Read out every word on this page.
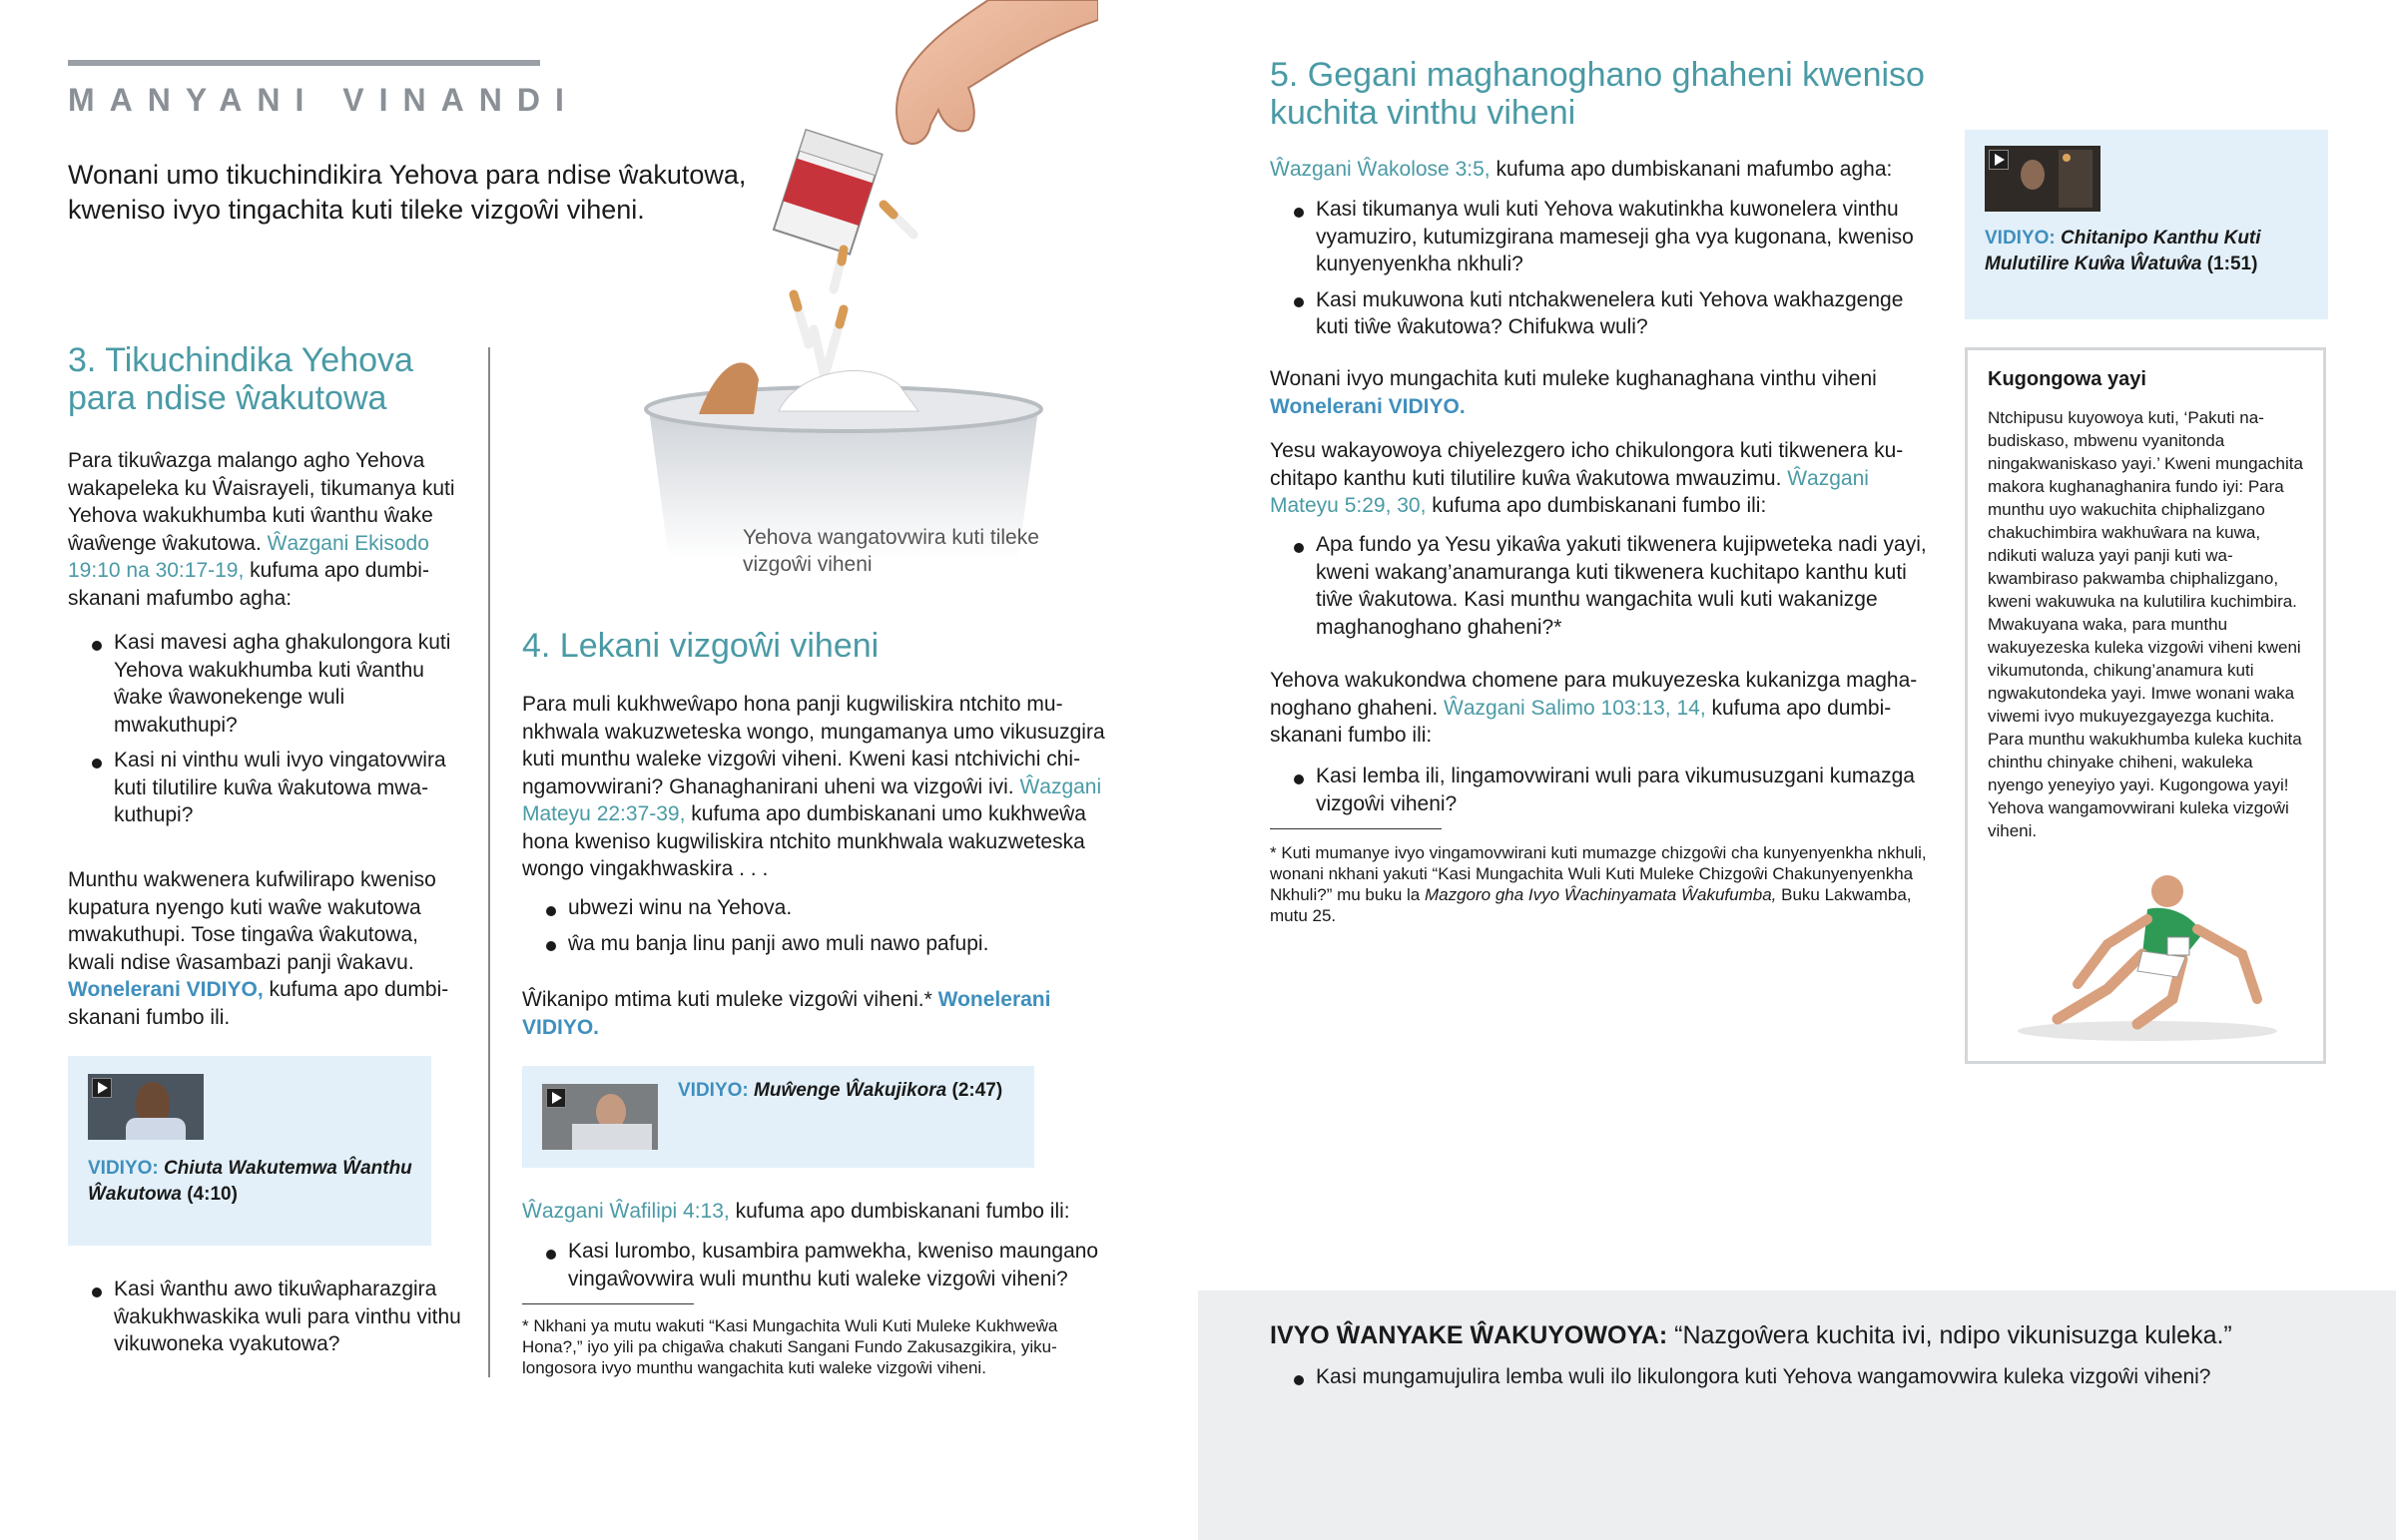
MANYANI VINANDI

Wonani umo tikuchindikira Yehova para ndise ŵakutowa, kweniso ivyo tingachita kuti tileke vizgoŵi viheni.

Yehova wangatovwira kuti tileke vizgoŵi viheni

3. Tikuchindika Yehova para ndise ŵakutowa

Para tikuŵazga malango agho Yehova wakapeleka ku Ŵaisrayeli, tikumanya kuti Yehova wakukhumba kuti ŵanthu ŵake ŵaŵenge ŵakutowa. Ŵazgani Ekisodo 19:10 na 30:17-19, kufuma apo dumbiskanani mafumbo agha:

Kasi mavesi agha ghakulongora kuti Yehova wakukhumba kuti ŵanthu ŵake ŵawonekenge wuli mwakuthupi?
Kasi ni vinthu wuli ivyo vingatovwira kuti tilutilire kuŵa ŵakutowa mwakuthupi?

Munthu wakwenera kufwilirapo kweniso kupatura nyengo kuti waŵe wakutowa mwakuthupi. Tose tingaŵa ŵakutowa, kwali ndise ŵasambazi panji ŵakavu. Wonelerani VIDIYO, kufuma apo dumbiskanani fumbo ili.

VIDIYO: Chiuta Wakutemwa Ŵanthu Ŵakutowa (4:10)
Kasi ŵanthu awo tikuŵapharazgira ŵakukhwaskika wuli para vinthu vithu vikuwoneka vyakutowa?
4. Lekani vizgoŵi viheni

Para muli kukhweŵapo hona panji kugwiliskira ntchito munkhwala wakuzweteska wongo, mungamanya umo vikusuzgira kuti munthu waleke vizgoŵi viheni. Kweni kasi ntchivichi chingamovwirani? Ghanaghanirani uheni wa vizgoŵi ivi. Ŵazgani Mateyu 22:37-39, kufuma apo dumbiskanani umo kukhweŵa hona kweniso kugwiliskira ntchito munkhwala wakuzweteska wongo vingakhwaskira . . .

ubwezi winu na Yehova.
ŵa mu banja linu panji awo muli nawo pafupi.

Ŵikanipo mtima kuti muleke vizgoŵi viheni.* Wonelerani VIDIYO.

VIDIYO: Muŵenge Ŵakujikora (2:47)

Ŵazgani Ŵafilipi 4:13, kufuma apo dumbiskanani fumbo ili:

Kasi lurombo, kusambira pamwekha, kweniso maungano vingaŵovwira wuli munthu kuti waleke vizgoŵi viheni?

* Nkhani ya mutu wakuti “Kasi Mungachita Wuli Kuti Muleke Kukhweŵa Hona?,” iyo yili pa chigaŵa chakuti Sangani Fundo Zakusazgikira, yikulongosora ivyo munthu wangachita kuti waleke vizgoŵi viheni.

5. Gegani maghanoghano ghaheni kweniso kuchita vinthu viheni

Ŵazgani Ŵakolose 3:5, kufuma apo dumbiskanani mafumbo agha:

Kasi tikumanya wuli kuti Yehova wakutinkha kuwonelera vinthu vyamuziro, kutumizgirana mameseji gha vya kugonana, kweniso kunyenyenkha nkhuli?
Kasi mukuwona kuti ntchakwenelera kuti Yehova wakhazgenge kuti tiŵe ŵakutowa? Chifukwa wuli?

Wonani ivyo mungachita kuti muleke kughanaghana vinthu viheni Wonelerani VIDIYO.

Yesu wakayowoya chiyelezgero icho chikulongora kuti tikwenera kuchitapo kanthu kuti tilutilire kuŵa ŵakutowa mwauzimu. Ŵazgani Mateyu 5:29, 30, kufuma apo dumbiskanani fumbo ili:

Apa fundo ya Yesu yikaŵa yakuti tikwenera kujipweteka nadi yayi, kweni wakang’anamuranga kuti tikwenera kuchitapo kanthu kuti tiŵe ŵakutowa. Kasi munthu wangachita wuli kuti wakanizge maghanoghano ghaheni?*

Yehova wakukondwa chomene para mukuyezeska kukanizga maghanoghano ghaheni. Ŵazgani Salimo 103:13, 14, kufuma apo dumbiskanani fumbo ili:

Kasi lemba ili, lingamovwirani wuli para vikumusuzgani kumazga vizgoŵi viheni?

* Kuti mumanye ivyo vingamovwirani kuti mumazge chizgoŵi cha kunyenyenkha nkhuli, wonani nkhani yakuti “Kasi Mungachita Wuli Kuti Muleke Chizgoŵi Chakunyenyenkha Nkhuli?” mu buku la Mazgoro gha Ivyo Ŵachinyamata Ŵakufumba, Buku Lakwamba, mutu 25.

VIDIYO: Chitanipo Kanthu Kuti Mulutilire Kuŵa Ŵatuŵa (1:51)
Kugongowa yayi

Ntchipusu kuyowoya kuti, ‘Pakuti nabudiskaso, mbwenu vyanitonda ningakwaniskaso yayi.’ Kweni mungachita makora kughanaghanira fundo iyi: Para munthu uyo wakuchita chiphalizgano chakuchimbira wakhuŵara na kuwa, ndikuti waluza yayi panji kuti wakwambiraso pakwamba chiphalizgano, kweni wakuwuka na kulutilira kuchimbira. Mwakuyana waka, para munthu wakuyezeska kuleka vizgoŵi viheni kweni vikumutonda, chikung’anamura kuti ngwakutondeka yayi. Imwe wonani waka viwemi ivyo mukuyezgayezga kuchita. Para munthu wakukhumba kuleka kuchita chinthu chinyake chiheni, wakuleka nyengo yeneyiyo yayi. Kugongowa yayi! Yehova wangamovwirani kuleka vizgoŵi viheni.

IVYO ŴANYAKE ŴAKUYOWOYA: “Nazgoŵera kuchita ivi, ndipo vikunisuzga kuleka.”

Kasi mungamujulira lemba wuli ilo likulongora kuti Yehova wangamovwira kuleka vizgoŵi viheni?
